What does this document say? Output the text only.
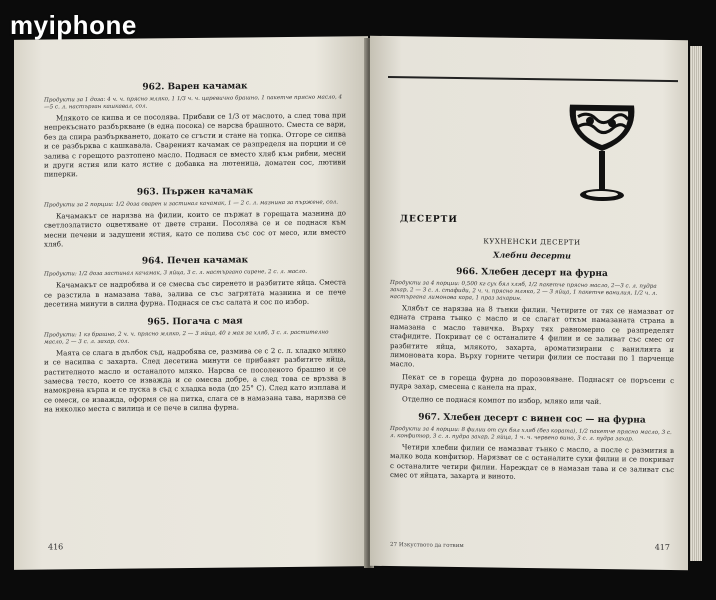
myiphone
962. Варен качамак
Продукти за 1 доза: 4 ч. ч. прясно мляко, 1 1/3 ч. ч. царевично брашно, 1 пакетче прясно масло, 4—5 с. л. настърган кашкавал, сол.

Млякото се кипва и се посолява. Прибави се 1/3 от маслото, а след това при непрекъснато разбъркване (в една посока) се нарсва брашното. Сместа се вари, без да спира разбъркването, докато се сгъсти и стане на топка. Отгоре се сипва и се разбърква с кашкавала. Свареният качамак се разпределя на порции и се залива с горещото разтопено масло. Поднася се вместо хляб към рибни, месни и други ястия или като ястие с добавка на лютеница, доматен сос, лютиви пиперки.

963. Пържен качамак
Продукти за 2 порции: 1/2 доза сварен и застинал качамак, 1 — 2 с. л. мазнина за пържене, сол.

Качамакът се нарязва на филии, които се пържат в горещата мазнина до светлозлатисто оцветяване от двете страни. Посолява се и се поднася към месни печени и задушени ястия, като се полива със сос от месо, или вместо хляб.

964. Печен качамак
Продукти: 1/2 доза застинал качамак, 3 яйца, 3 с. л. настъргано сирене, 2 с. л. масло.

Качамакът се надробява и се смесва със сиренето и разбитите яйца. Сместа се разстила в намазана тава, залива се със загрятата мазнина и се пече десетина минути в силна фурна. Поднася се със салата и сос по избор.

965. Погача с мая
Продукти: 1 кг брашно, 2 ч. ч. прясно мляко, 2 — 3 яйца, 40 г мая за хляб, 3 с. л. растително масло, 2 — 3 с. л. захар, сол.

Маята се слага в дълбок съд, надробява се, размива се с 2 с. л. хладко мляко и се насипва с захарта. След десетина минути се прибавят разбитите яйца, растителното масло и останалото мляко. Нарсва се посоленото брашно и се замесва тесто, което се изважда и се омесва добре, а след това се връзва в намокрена кърпа и се пуска в съд с хладка вода (до 25° С). След като изплава и се омеси, се изважда, оформя се на питка, слага се в намазана тава, нарязва се на няколко места с вилица и се пече в силна фурна.

416
ДЕСЕРТИ
КУХНЕНСКИ ДЕСЕРТИ
Хлебни десерти
966. Хлебен десерт на фурна
Продукти за 4 порции: 0,500 кг сух бял хляб, 1/2 пакетче прясно масло, 2—3 с. л. пудра захар, 2 — 3 с. л. стафиди, 2 ч. ч. прясно мляко, 2 — 3 яйца, 1 пакетче ванилия, 1/2 ч. л. настъргана лимонова кора, 1 праз захарин.

Хлябът се нарязва на 8 тънки филии. Четирите от тях се намазват от едната страна тънко с масло и се слагат откъм намазаната страна в намазана с масло тавичка. Върху тях равномерно се разпределят стафидите. Покриват се с останалите 4 филии и се заливат със смес от разбитите яйца, млякото, захарта, ароматизирани с ванилията и лимоновата кора. Върху горните четири филии се постави по 1 парченце масло.

Пекат се в гореща фурна до порозовяване. Поднасят се поръсени с пудра захар, смесена с канела на прах.

Отделно се поднася компот по избор, мляко или чай.

967. Хлебен десерт с винен сос — на фурна
Продукти за 4 порции: 8 филии от сух бял хляб (без кората), 1/2 пакетче прясно масло, 3 с. л. конфитюр, 3 с. л. пудра захар, 2 яйца, 1 ч. ч. червено вино, 3 с. л. пудра захар.

Четири хлебни филии се намазват тънко с масло, а после с размития в малко вода конфитюр. Нарязват се с останалите сухи филии и се покриват с останалите четири филии. Нареждат се в намазан тава и се заливат със смес от яйцата, захарта и виното.

27 Изкуството да готвим	417
